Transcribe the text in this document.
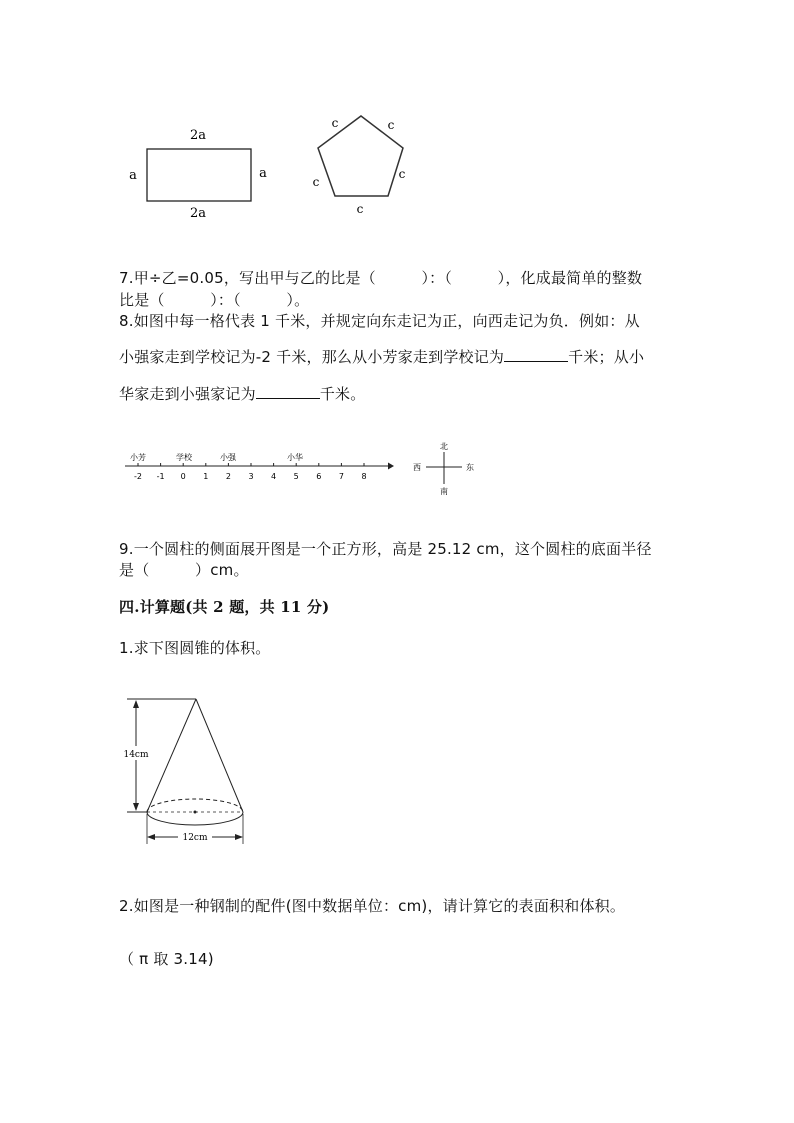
2a
2a
a	a
c	c
c
c
c
7.甲÷乙=0.05，写出甲与乙的比是（　　　）：（　　　），化成最简单的整数
比是（　　　）：（　　　）。
8.如图中每一格代表 1 千米，并规定向东走记为正，向西走记为负．例如：从
小强家走到学校记为-2 千米，那么从小芳家走到学校记为	千米；从小
华家走到小强家记为	千米。
-2 -1 0 1 2 3 4 5 6 7 8
小芳	学校	小强	小华
北
南
西	东
9.一个圆柱的侧面展开图是一个正方形，高是 25.12 cm，这个圆柱的底面半径
是（　　　）cm。
四.计算题(共 2 题，共 11 分)
1.求下图圆锥的体积。
14cm
12cm
2.如图是一种钢制的配件(图中数据单位：cm)，请计算它的表面积和体积。
（ π 取 3.14)
